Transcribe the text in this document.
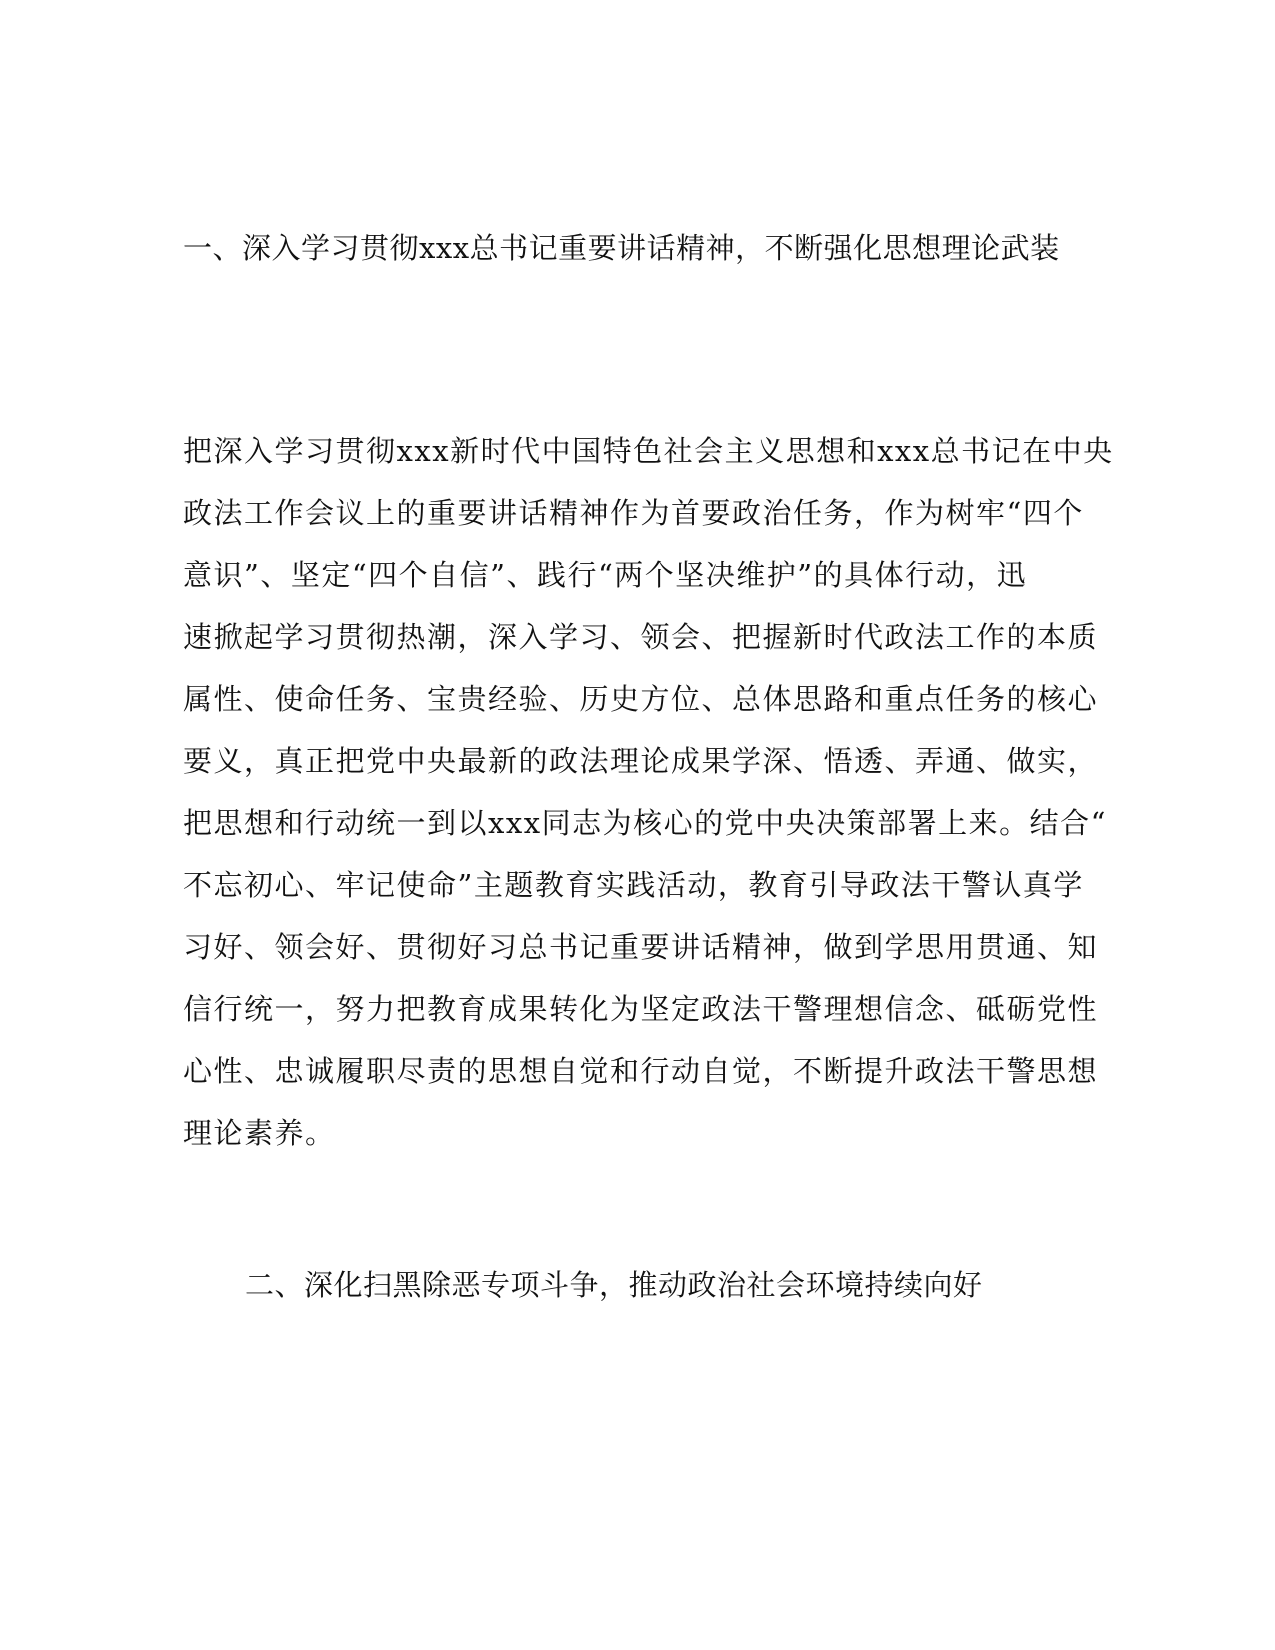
一、深入学习贯彻xxx总书记重要讲话精神，不断强化思想理论武装
把深入学习贯彻xxx新时代中国特色社会主义思想和xxx总书记在中央
政法工作会议上的重要讲话精神作为首要政治任务，作为树牢“四个
意识”、坚定“四个自信”、践行“两个坚决维护”的具体行动，迅
速掀起学习贯彻热潮，深入学习、领会、把握新时代政法工作的本质
属性、使命任务、宝贵经验、历史方位、总体思路和重点任务的核心
要义，真正把党中央最新的政法理论成果学深、悟透、弄通、做实，
把思想和行动统一到以xxx同志为核心的党中央决策部署上来。结合“
不忘初心、牢记使命”主题教育实践活动，教育引导政法干警认真学
习好、领会好、贯彻好习总书记重要讲话精神，做到学思用贯通、知
信行统一，努力把教育成果转化为坚定政法干警理想信念、砥砺党性
心性、忠诚履职尽责的思想自觉和行动自觉，不断提升政法干警思想
理论素养。
二、深化扫黑除恶专项斗争，推动政治社会环境持续向好
